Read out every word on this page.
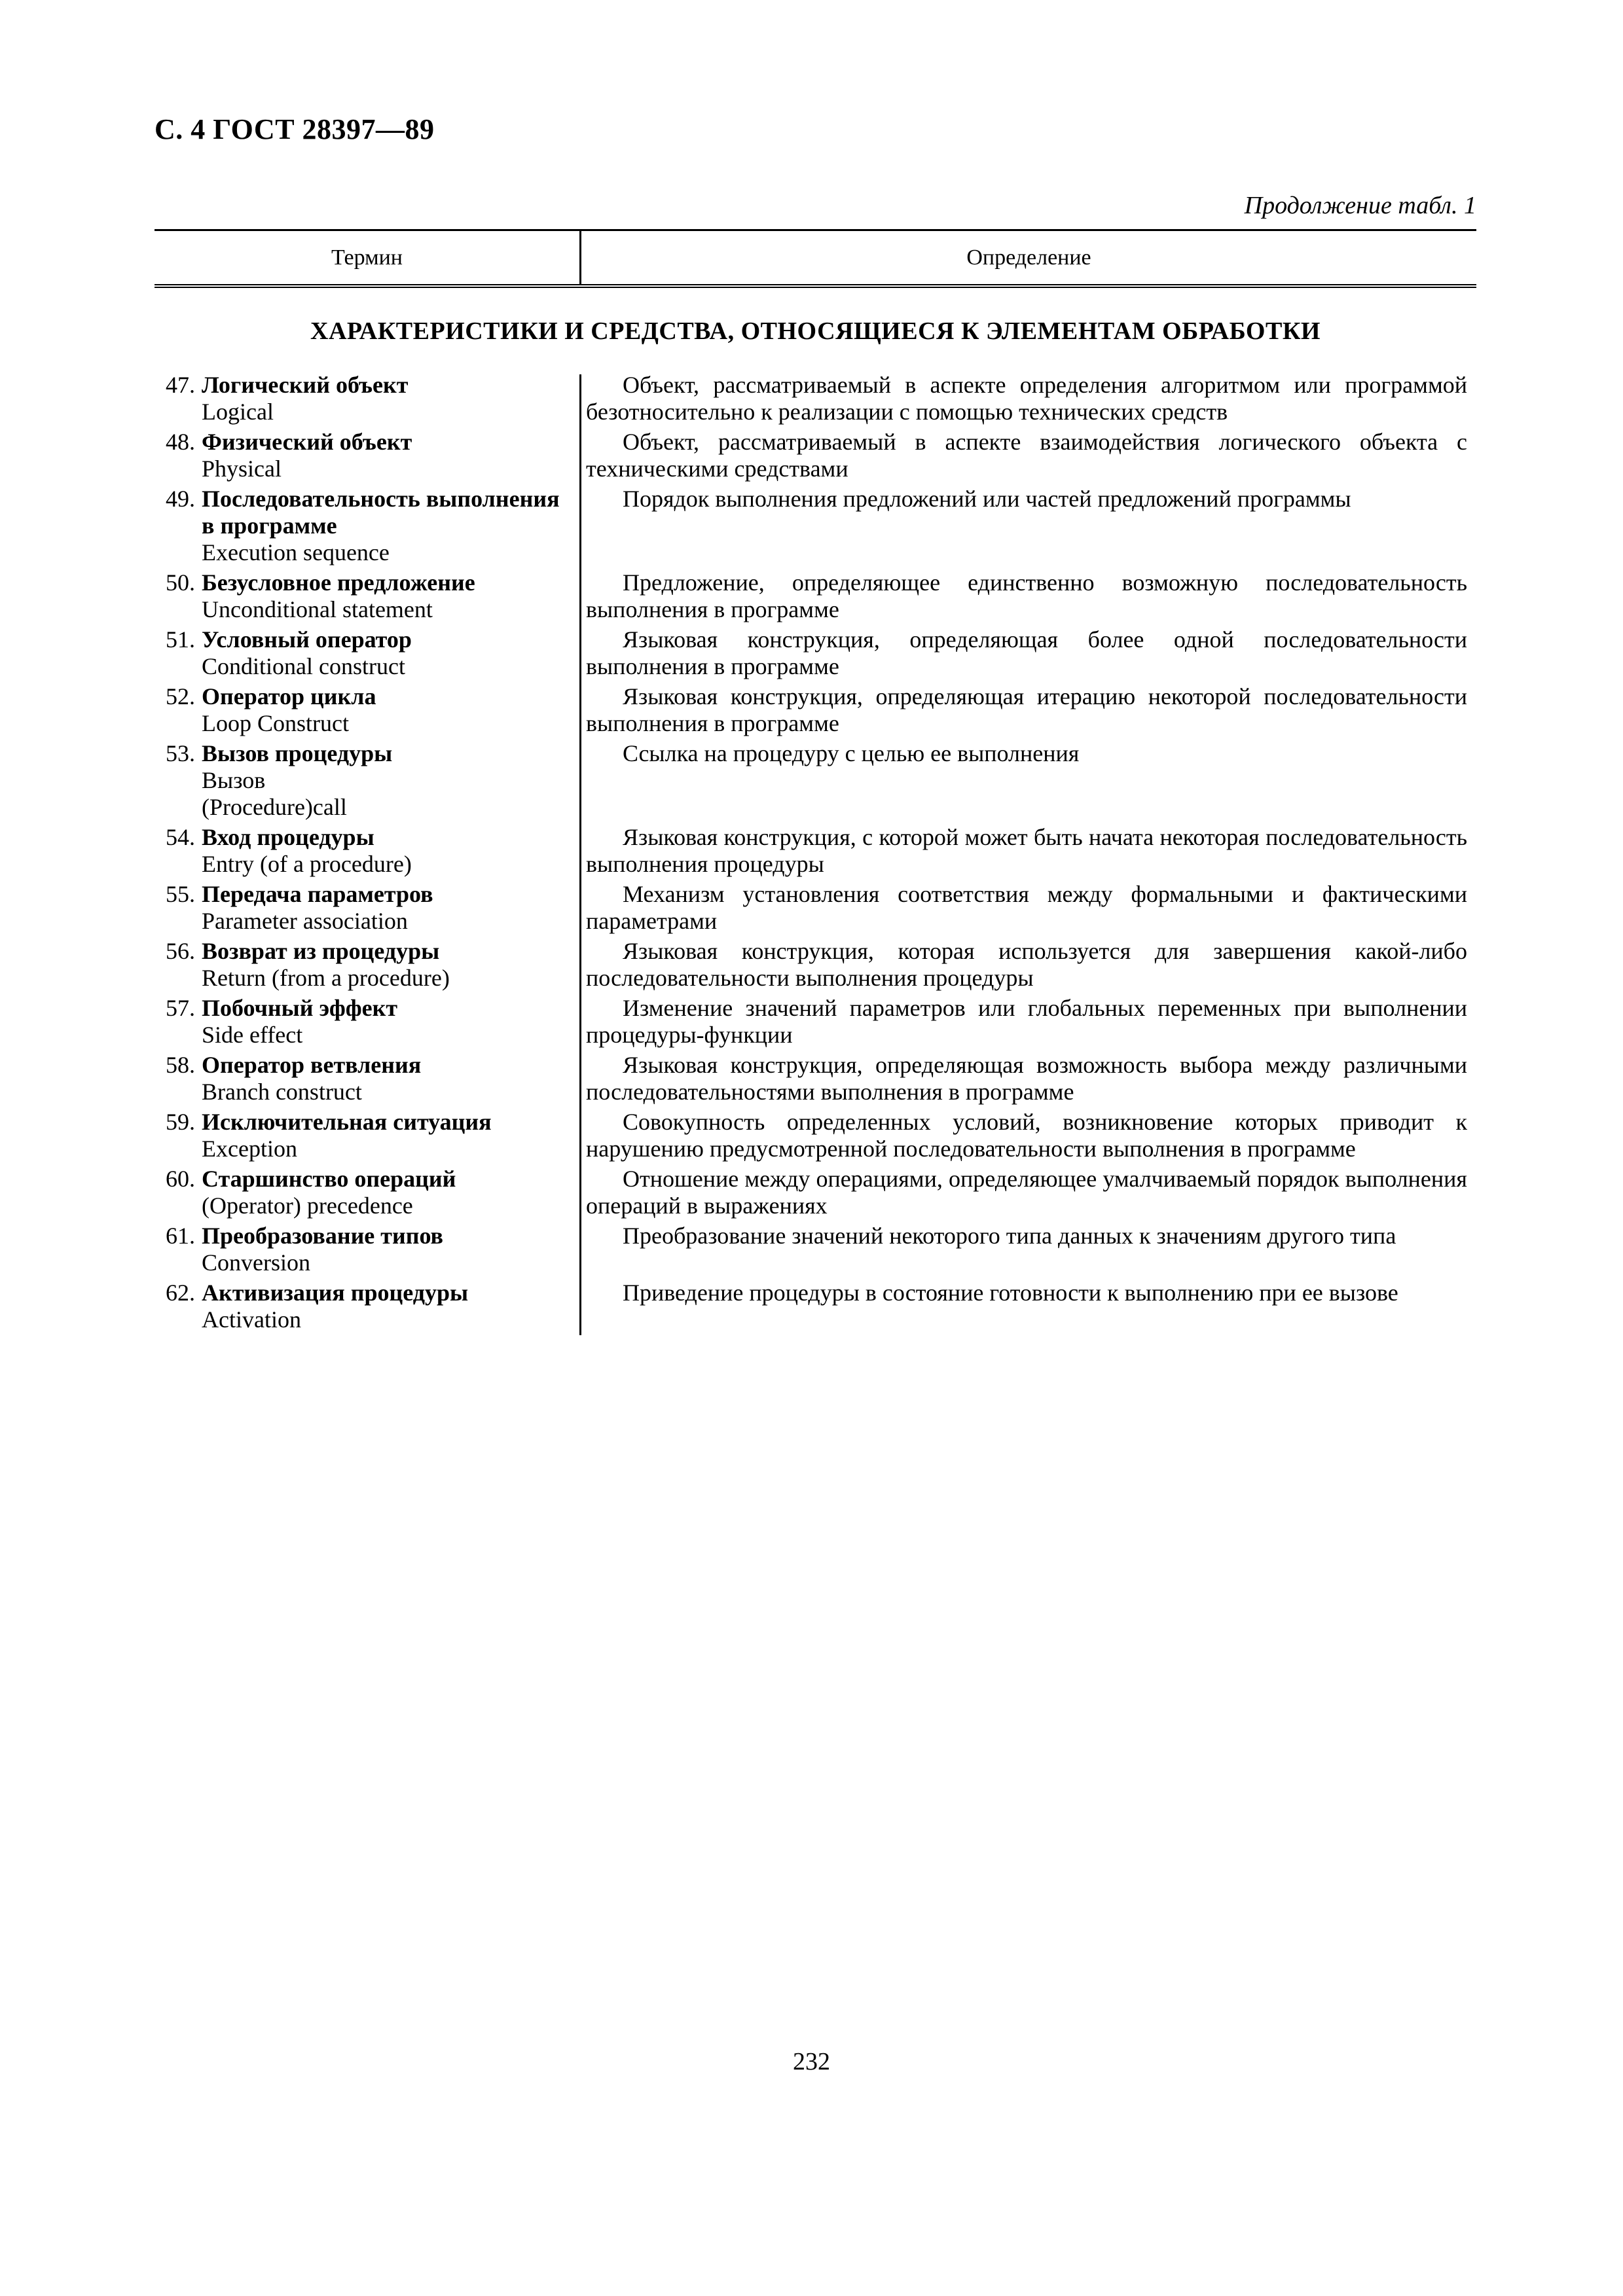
С. 4 ГОСТ 28397—89
Продолжение табл. 1
Термин	Определение
ХАРАКТЕРИСТИКИ И СРЕДСТВА, ОТНОСЯЩИЕСЯ К ЭЛЕМЕНТАМ ОБРАБОТКИ
47. Логический объект
Logical
Объект, рассматриваемый в аспекте определения алгоритмом или программой безотносительно к реализации с помощью технических средств
48. Физический объект
Physical
Объект, рассматриваемый в аспекте взаимодействия логического объекта с техническими средствами
49. Последовательность выполнения в программе
Execution sequence
Порядок выполнения предложений или частей предложений программы
50. Безусловное предложение
Unconditional statement
Предложение, определяющее единственно возможную последовательность выполнения в программе
51. Условный оператор
Conditional construct
Языковая конструкция, определяющая более одной последовательности выполнения в программе
52. Оператор цикла
Loop Construct
Языковая конструкция, определяющая итерацию некоторой последовательности выполнения в программе
53. Вызов процедуры
Вызов
(Procedure)call
Ссылка на процедуру с целью ее выполнения
54. Вход процедуры
Entry (of a procedure)
Языковая конструкция, с которой может быть начата некоторая последовательность выполнения процедуры
55. Передача параметров
Parameter association
Механизм установления соответствия между формальными и фактическими параметрами
56. Возврат из процедуры
Return (from a procedure)
Языковая конструкция, которая используется для завершения какой-либо последовательности выполнения процедуры
57. Побочный эффект
Side effect
Изменение значений параметров или глобальных переменных при выполнении процедуры-функции
58. Оператор ветвления
Branch construct
Языковая конструкция, определяющая возможность выбора между различными последовательностями выполнения в программе
59. Исключительная ситуация
Exception
Совокупность определенных условий, возникновение которых приводит к нарушению предусмотренной последовательности выполнения в программе
60. Старшинство операций
(Operator) precedence
Отношение между операциями, определяющее умалчиваемый порядок выполнения операций в выражениях
61. Преобразование типов
Conversion
Преобразование значений некоторого типа данных к значениям другого типа
62. Активизация процедуры
Activation
Приведение процедуры в состояние готовности к выполнению при ее вызове
232
